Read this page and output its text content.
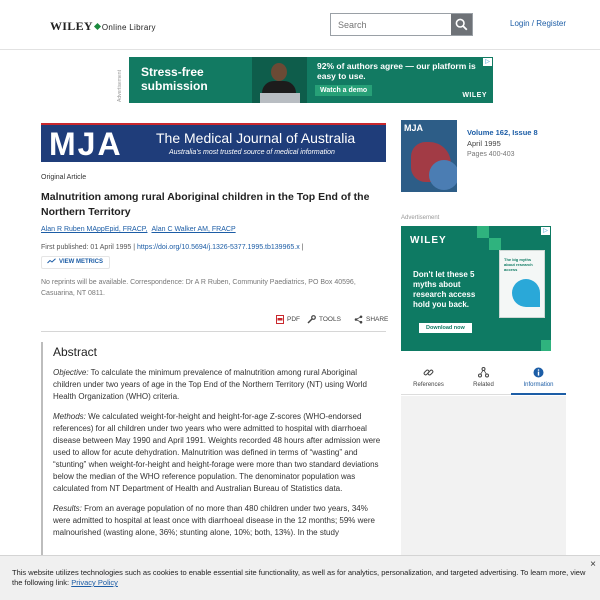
WILEY Online Library
Search	Login / Register
Advertisement Stress-free submission
92% of authors agree — our platform is easy to use.
Watch a demo
WILEY
▷
MJA The Medical Journal of Australia
Australia's most trusted source of medical information
Original Article
Malnutrition among rural Aboriginal children in the Top End of the Northern Territory
Alan R Ruben MAppEpid, FRACP, Alan C Walker AM, FRACP
First published: 01 April 1995 | https://doi.org/10.5694/j.1326-5377.1995.tb139965.x |
VIEW METRICS
No reprints will be available. Correspondence: Dr A R Ruben, Community Paediatrics, PO Box 40596, Casuarina, NT 0811.
PDF	TOOLS	SHARE
Abstract

Objective: To calculate the minimum prevalence of malnutrition among rural Aboriginal children under two years of age in the Top End of the Northern Territory (NT) using World Health Organization (WHO) criteria.

Methods: We calculated weight-for-height and height-for-age Z-scores (WHO-endorsed references) for all children under two years who were admitted to hospital with diarrhoeal disease between May 1990 and April 1991. Weights recorded 48 hours after admission were used to allow for acute dehydration. Malnutrition was defined in terms of “wasting” and “stunting” when weight-for-height and height-forage were more than two standard deviations below the median of the WHO reference population. The denominator population was calculated from NT Department of Health and Australian Bureau of Statistics data.

Results: From an average population of no more than 480 children under two years, 34% were admitted to hospital at least once with diarrhoeal disease in the 12 months; 59% were malnourished (wasting alone, 36%; stunting alone, 10%; both, 13%). In the study

MJA	Volume 162, Issue 8
April 1995
Pages 400-403
Advertisement
WILEY
Don't let these 5 myths about research access hold you back.
Download now
The big myths about research access
▷
References	Related	Information
This website utilizes technologies such as cookies to enable essential site functionality, as well as for analytics, personalization, and targeted advertising. To learn more, view the following link: Privacy Policy
×
